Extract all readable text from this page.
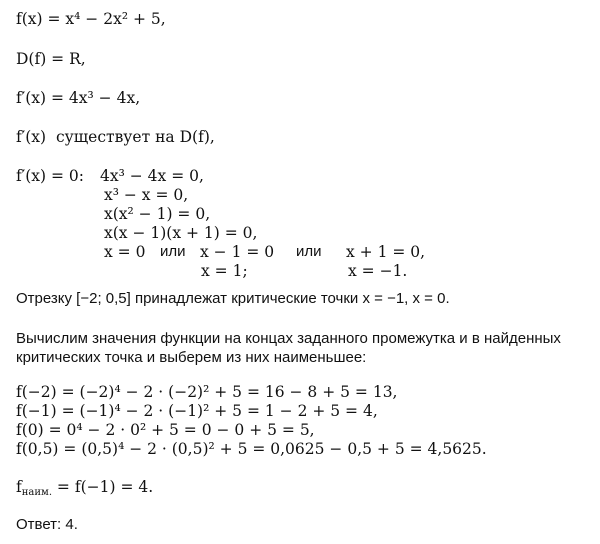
f(x) = x⁴ − 2x² + 5,
D(f) = R,
f′(x) = 4x³ − 4x,
f′(x)  существует на D(f),
f′(x) = 0: 4x³ − 4x = 0,
x³ − x = 0,
x(x² − 1) = 0,
x(x − 1)(x + 1) = 0,
x = 0 или x − 1 = 0 или x + 1 = 0,
x = 1;	x = −1.
Отрезку [−2; 0,5] принадлежат критические точки x = −1, x = 0.
Вычислим значения функции на концах заданного промежутка и в найденных
критических точка и выберем из них наименьшее:
f(−2) = (−2)⁴ − 2 · (−2)² + 5 = 16 − 8 + 5 = 13,
f(−1) = (−1)⁴ − 2 · (−1)² + 5 = 1 − 2 + 5 = 4,
f(0) = 0⁴ − 2 · 0² + 5 = 0 − 0 + 5 = 5,
f(0,5) = (0,5)⁴ − 2 · (0,5)² + 5 = 0,0625 − 0,5 + 5 = 4,5625.
$f_{наим.} = f(-1) = 4$.
Ответ: 4.
